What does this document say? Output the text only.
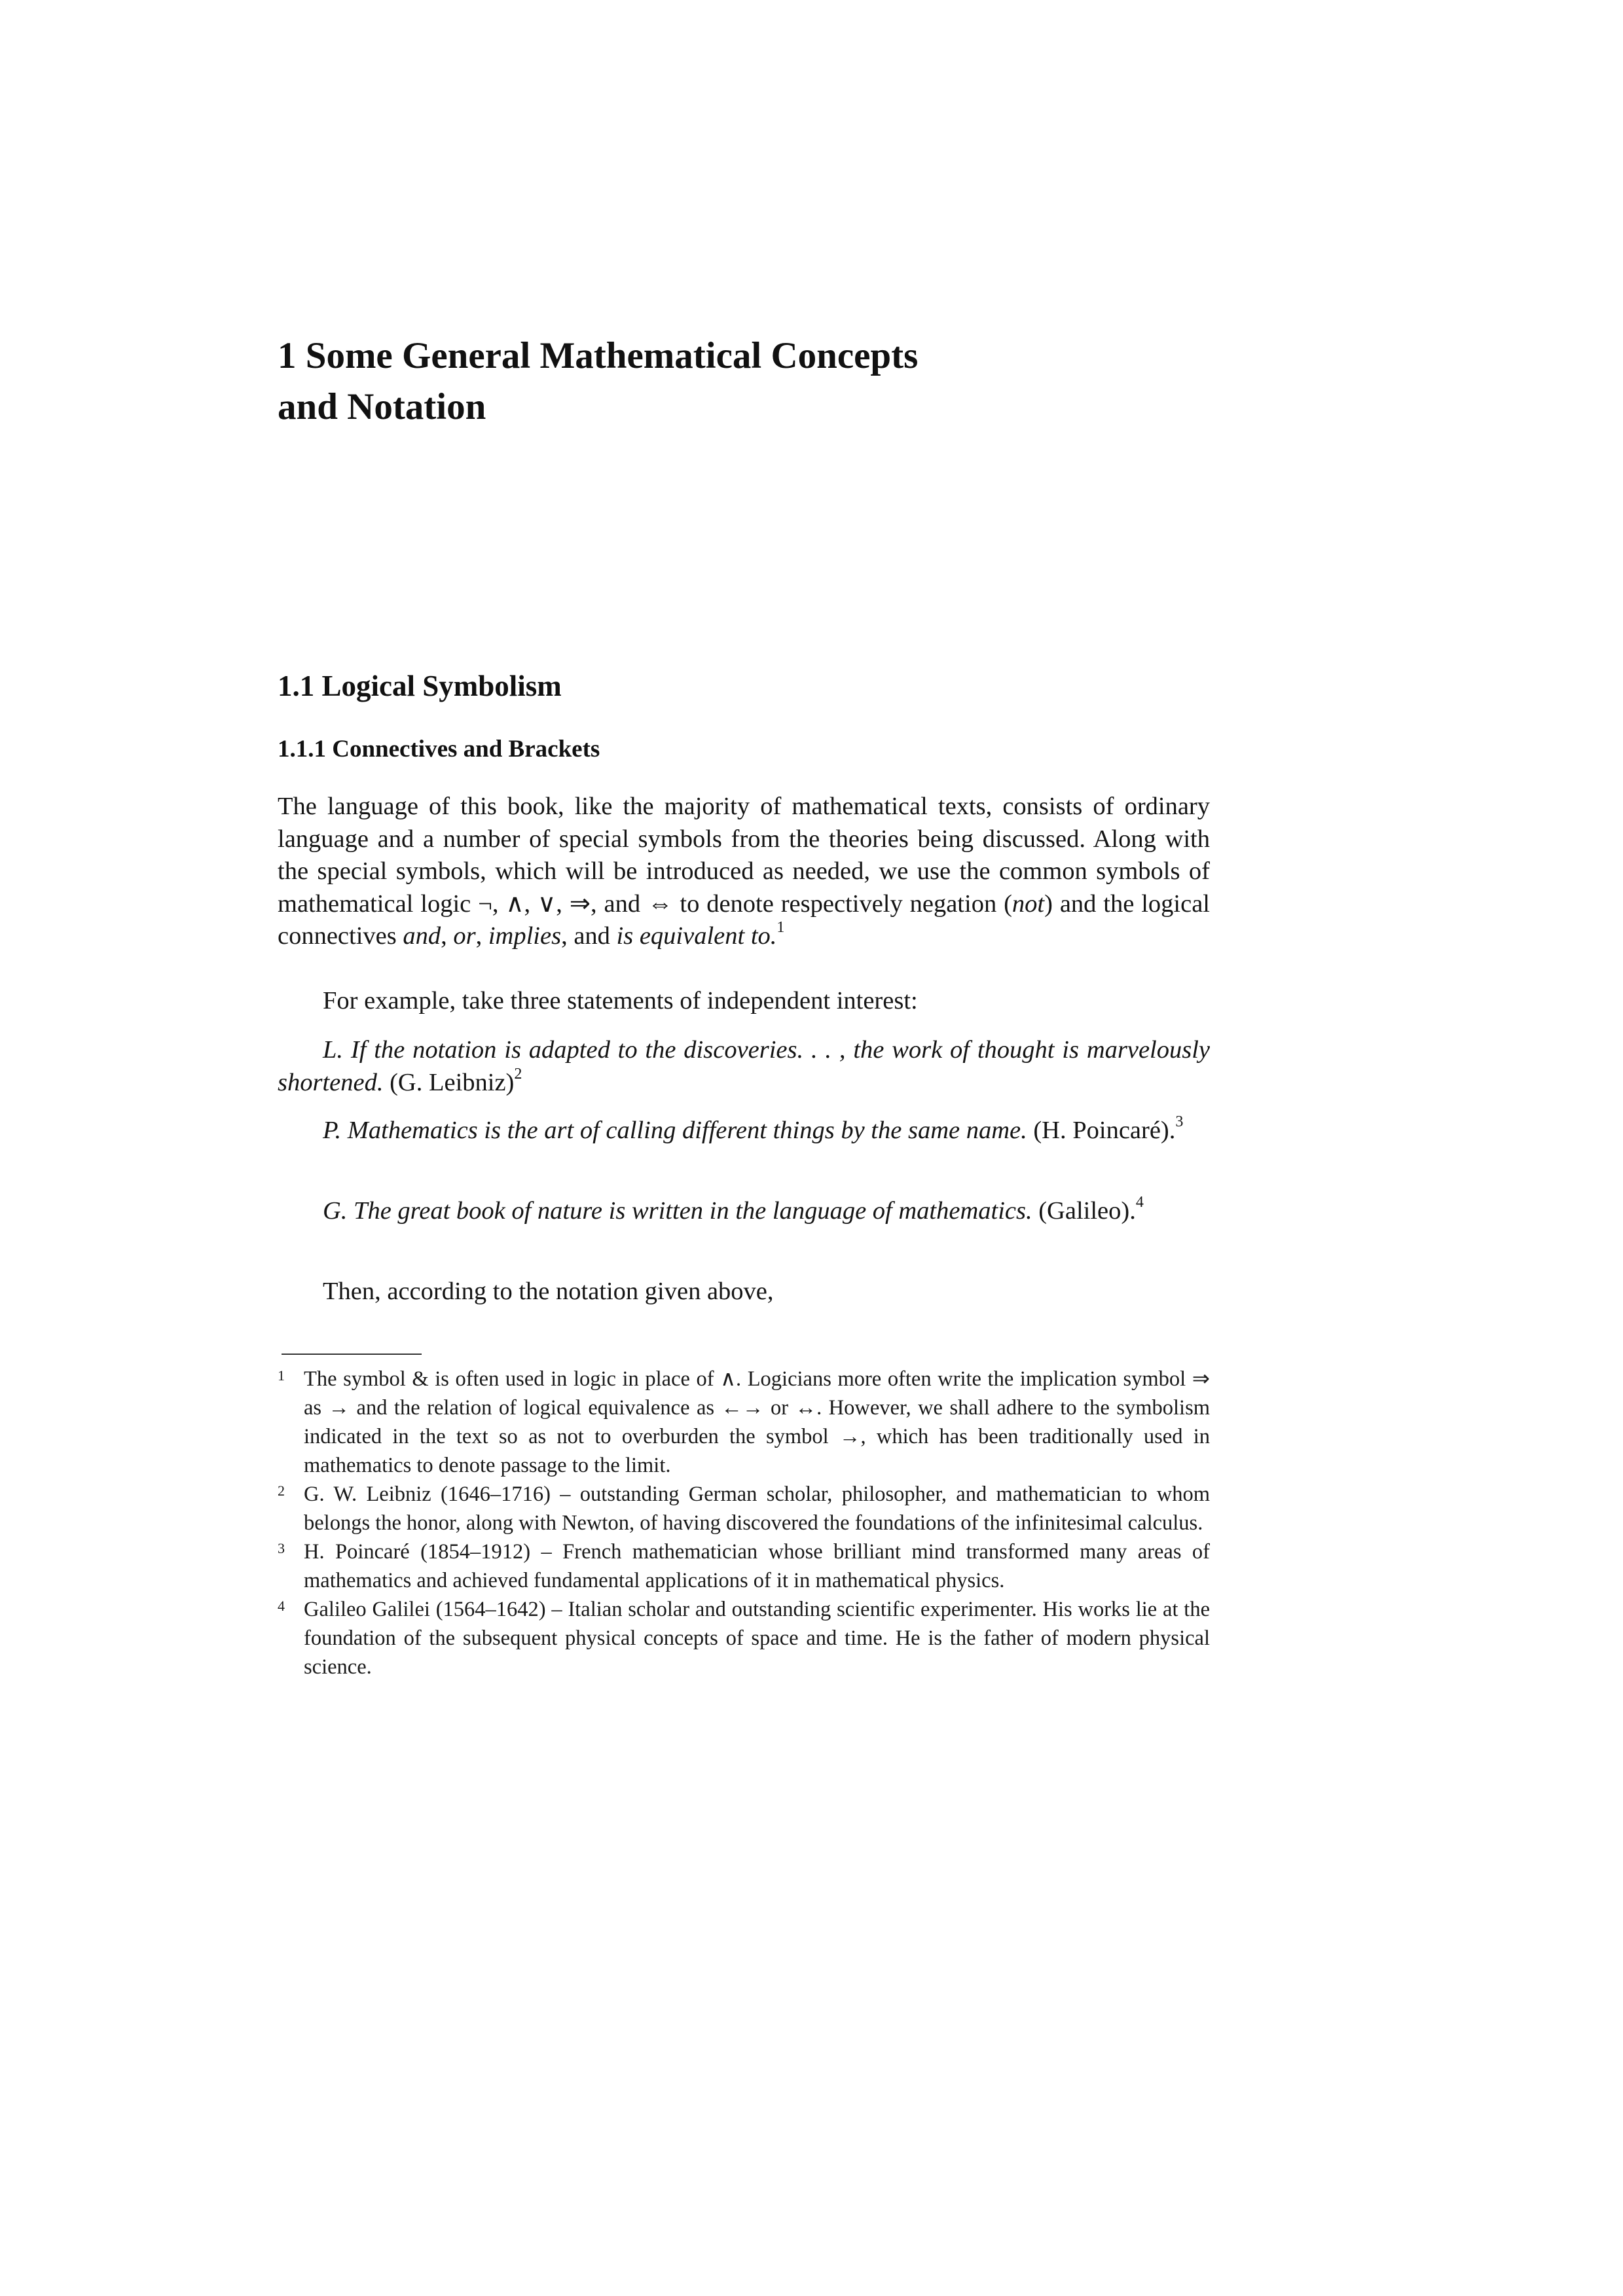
1 Some General Mathematical Concepts
and Notation
1.1 Logical Symbolism
1.1.1 Connectives and Brackets

The language of this book, like the majority of mathematical texts, consists of ordinary language and a number of special symbols from the theories being discussed. Along with the special symbols, which will be introduced as needed, we use the common symbols of mathematical logic ¬, ∧, ∨, ⇒, and ⇔ to denote respectively negation (not) and the logical connectives and, or, implies, and is equivalent to.$^1$

For example, take three statements of independent interest:

L. If the notation is adapted to the discoveries. . . , the work of thought is marvelously shortened. (G. Leibniz)$^2$

P. Mathematics is the art of calling different things by the same name. (H. Poincaré).$^3$

G. The great book of nature is written in the language of mathematics. (Galileo).$^4$

Then, according to the notation given above,

1 The symbol & is often used in logic in place of ∧. Logicians more often write the implication symbol ⇒ as → and the relation of logical equivalence as ←→ or ↔. However, we shall adhere to the symbolism indicated in the text so as not to overburden the symbol →, which has been traditionally used in mathematics to denote passage to the limit.
2 G. W. Leibniz (1646–1716) – outstanding German scholar, philosopher, and mathematician to whom belongs the honor, along with Newton, of having discovered the foundations of the infinitesimal calculus.
3 H. Poincaré (1854–1912) – French mathematician whose brilliant mind transformed many areas of mathematics and achieved fundamental applications of it in mathematical physics.
4 Galileo Galilei (1564–1642) – Italian scholar and outstanding scientific experimenter. His works lie at the foundation of the subsequent physical concepts of space and time. He is the father of modern physical science.
